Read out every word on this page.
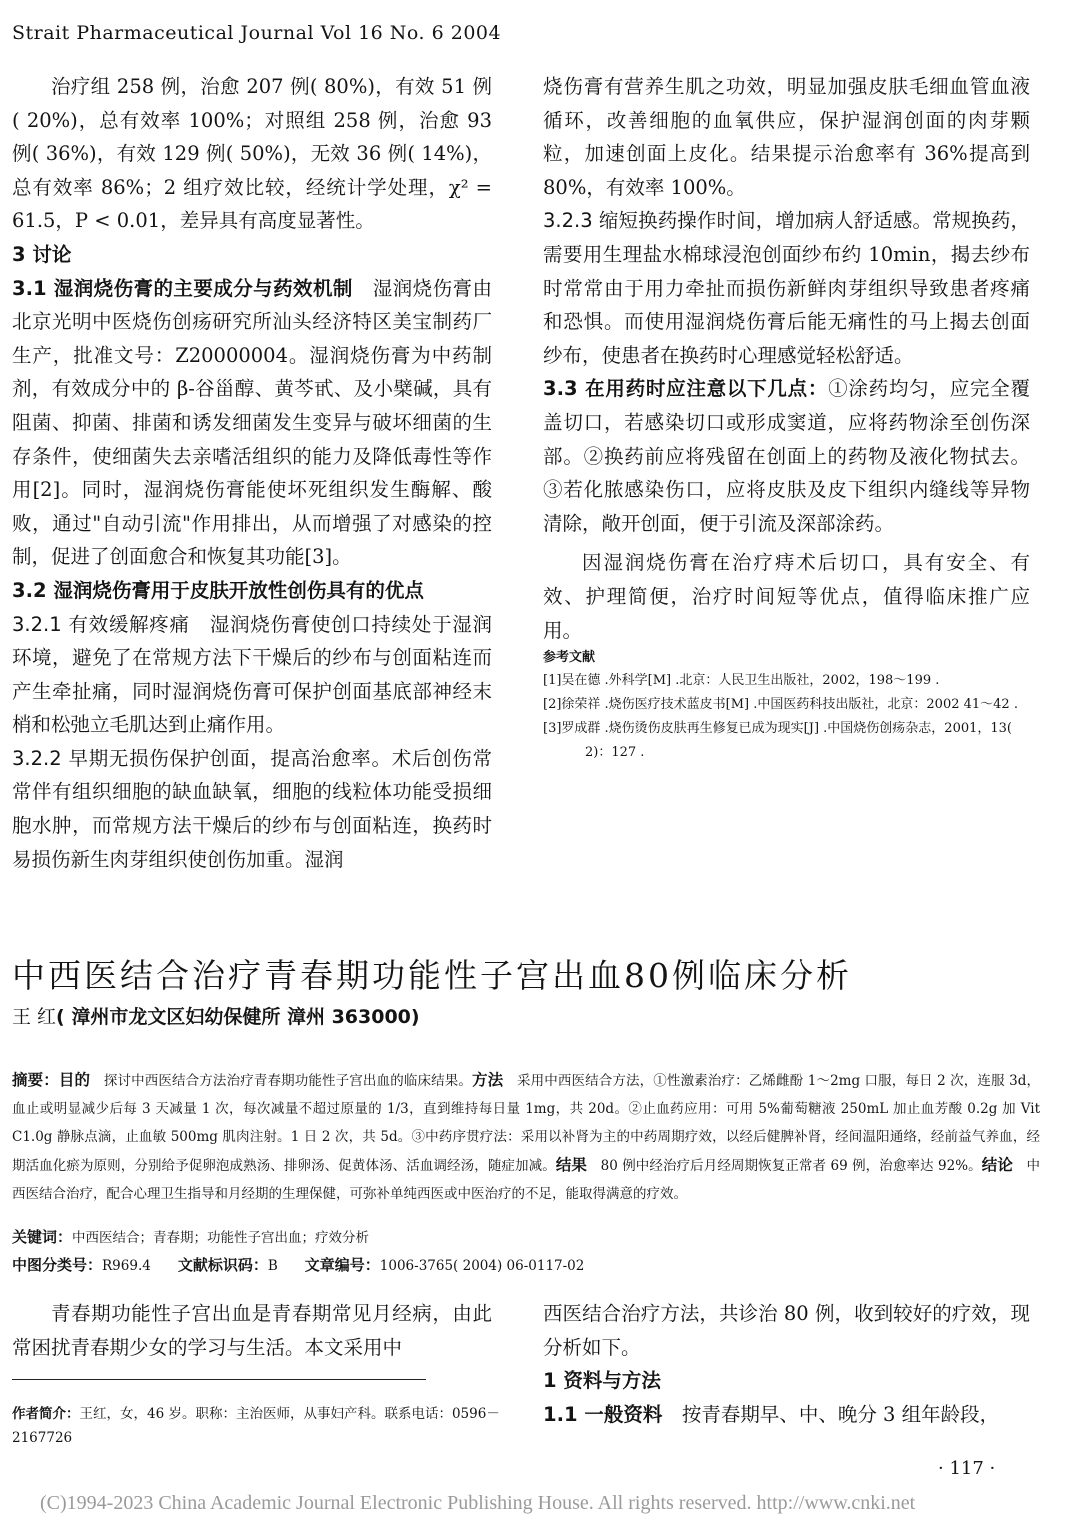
Strait Pharmaceutical Journal Vol 16 No. 6 2004

治疗组 258 例，治愈 207 例( 80%)，有效 51 例( 20%)，总有效率 100%；对照组 258 例，治愈 93 例( 36%)，有效 129 例( 50%)，无效 36 例( 14%)，总有效率 86%；2 组疗效比较，经统计学处理，χ² = 61.5，P < 0.01，差异具有高度显著性。

3 讨论

3.1 湿润烧伤膏的主要成分与药效机制　 湿润烧伤膏由北京光明中医烧伤创疡研究所汕头经济特区美宝制药厂生产，批准文号：Z20000004。湿润烧伤膏为中药制剂，有效成分中的 β-谷甾醇、黄芩甙、及小檗碱，具有阻菌、抑菌、排菌和诱发细菌发生变异与破坏细菌的生存条件，使细菌失去亲嗜活组织的能力及降低毒性等作用[2]。同时，湿润烧伤膏能使坏死组织发生酶解、酸败，通过"自动引流"作用排出，从而增强了对感染的控制，促进了创面愈合和恢复其功能[3]。

3.2 湿润烧伤膏用于皮肤开放性创伤具有的优点

3.2.1 有效缓解疼痛　 湿润烧伤膏使创口持续处于湿润环境，避免了在常规方法下干燥后的纱布与创面粘连而产生牵扯痛，同时湿润烧伤膏可保护创面基底部神经末梢和松弛立毛肌达到止痛作用。

3.2.2 早期无损伤保护创面，提高治愈率。术后创伤常常伴有组织细胞的缺血缺氧，细胞的线粒体功能受损细胞水肿，而常规方法干燥后的纱布与创面粘连，换药时易损伤新生肉芽组织使创伤加重。湿润

烧伤膏有营养生肌之功效，明显加强皮肤毛细血管血液循环，改善细胞的血氧供应，保护湿润创面的肉芽颗粒，加速创面上皮化。结果提示治愈率有 36%提高到 80%，有效率 100%。

3.2.3 缩短换药操作时间，增加病人舒适感。常规换药，需要用生理盐水棉球浸泡创面纱布约 10min，揭去纱布时常常由于用力牵扯而损伤新鲜肉芽组织导致患者疼痛和恐惧。而使用湿润烧伤膏后能无痛性的马上揭去创面纱布，使患者在换药时心理感觉轻松舒适。

3.3 在用药时应注意以下几点：①涂药均匀，应完全覆盖切口，若感染切口或形成窦道，应将药物涂至创伤深部。②换药前应将残留在创面上的药物及液化物拭去。③若化脓感染伤口，应将皮肤及皮下组织内缝线等异物清除，敞开创面，便于引流及深部涂药。

因湿润烧伤膏在治疗痔术后切口，具有安全、有效、护理简便，治疗时间短等优点，值得临床推广应用。

参考文献

[1]吴在德 .外科学[M] .北京：人民卫生出版社，2002，198～199 .

[2]徐荣祥 .烧伤医疗技术蓝皮书[M] .中国医药科技出版社，北京：2002 41～42 .

[3]罗成群 .烧伤烫伤皮肤再生修复已成为现实[J] .中国烧伤创疡杂志，2001，13( 2)：127 .

中西医结合治疗青春期功能性子宫出血80例临床分析
王 红( 漳州市龙文区妇幼保健所 漳州 363000)
摘要：目的　 探讨中西医结合方法治疗青春期功能性子宫出血的临床结果。方法　 采用中西医结合方法，①性激素治疗：乙烯雌酚 1～2mg 口服，每日 2 次，连服 3d，血止或明显减少后每 3 天减量 1 次，每次减量不超过原量的 1/3，直到维持每日量 1mg，共 20d。②止血药应用：可用 5%葡萄糖液 250mL 加止血芳酸 0.2g 加 Vit C1.0g 静脉点滴，止血敏 500mg 肌肉注射。1 日 2 次，共 5d。③中药序贯疗法：采用以补肾为主的中药周期疗效，以经后健脾补肾，经间温阳通络，经前益气养血，经期活血化瘀为原则，分别给予促卵泡成熟汤、排卵汤、促黄体汤、活血调经汤，随症加减。结果　 80 例中经治疗后月经周期恢复正常者 69 例，治愈率达 92%。结论　 中西医结合治疗，配合心理卫生指导和月经期的生理保健，可弥补单纯西医或中医治疗的不足，能取得满意的疗效。
关键词：中西医结合；青春期；功能性子宫出血；疗效分析
中图分类号：R969.4　　 文献标识码：B　　 文章编号：1006-3765( 2004) 06-0117-02

青春期功能性子宫出血是青春期常见月经病，由此常困扰青春期少女的学习与生活。本文采用中

西医结合治疗方法，共诊治 80 例，收到较好的疗效，现分析如下。

1 资料与方法

1.1 一般资料　 按青春期早、中、晚分 3 组年龄段，

作者简介：王红，女，46 岁。职称：主治医师，从事妇产科。联系电话：0596－2167726
· 117 ·
(C)1994-2023 China Academic Journal Electronic Publishing House. All rights reserved. http://www.cnki.net
